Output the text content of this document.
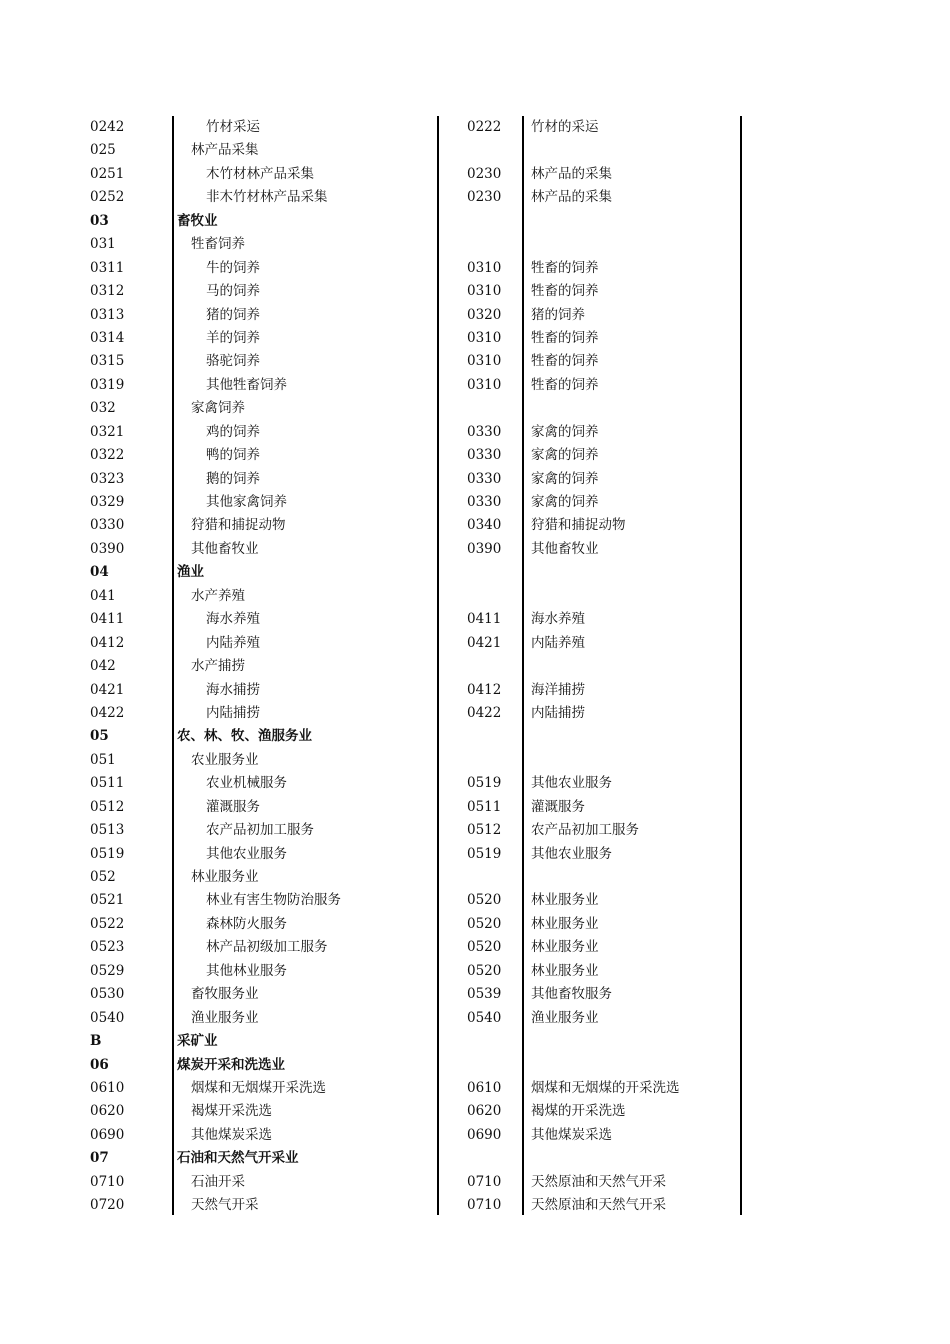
0242	竹材采运	0222 竹材的采运
025	林产品采集
0251	木竹材林产品采集	0230 林产品的采集
0252	非木竹材林产品采集	0230 林产品的采集
03	畜牧业
031	牲畜饲养
0311	牛的饲养	0310 牲畜的饲养
0312	马的饲养	0310 牲畜的饲养
0313	猪的饲养	0320 猪的饲养
0314	羊的饲养	0310 牲畜的饲养
0315	骆驼饲养	0310 牲畜的饲养
0319	其他牲畜饲养	0310 牲畜的饲养
032	家禽饲养
0321	鸡的饲养	0330 家禽的饲养
0322	鸭的饲养	0330 家禽的饲养
0323	鹅的饲养	0330 家禽的饲养
0329	其他家禽饲养	0330 家禽的饲养
0330	狩猎和捕捉动物	0340 狩猎和捕捉动物
0390	其他畜牧业	0390 其他畜牧业
04	渔业
041	水产养殖
0411	海水养殖	0411 海水养殖
0412	内陆养殖	0421 内陆养殖
042	水产捕捞
0421	海水捕捞	0412 海洋捕捞
0422	内陆捕捞	0422 内陆捕捞
05	农、林、牧、渔服务业
051	农业服务业
0511	农业机械服务	0519 其他农业服务
0512	灌溉服务	0511 灌溉服务
0513	农产品初加工服务	0512 农产品初加工服务
0519	其他农业服务	0519 其他农业服务
052	林业服务业
0521	林业有害生物防治服务	0520 林业服务业
0522	森林防火服务	0520 林业服务业
0523	林产品初级加工服务	0520 林业服务业
0529	其他林业服务	0520 林业服务业
0530	畜牧服务业	0539 其他畜牧服务
0540	渔业服务业	0540 渔业服务业
B	采矿业
06	煤炭开采和洗选业
0610	烟煤和无烟煤开采洗选	0610 烟煤和无烟煤的开采洗选
0620	褐煤开采洗选	0620 褐煤的开采洗选
0690	其他煤炭采选	0690 其他煤炭采选
07	石油和天然气开采业
0710	石油开采	0710 天然原油和天然气开采
0720	天然气开采	0710 天然原油和天然气开采
